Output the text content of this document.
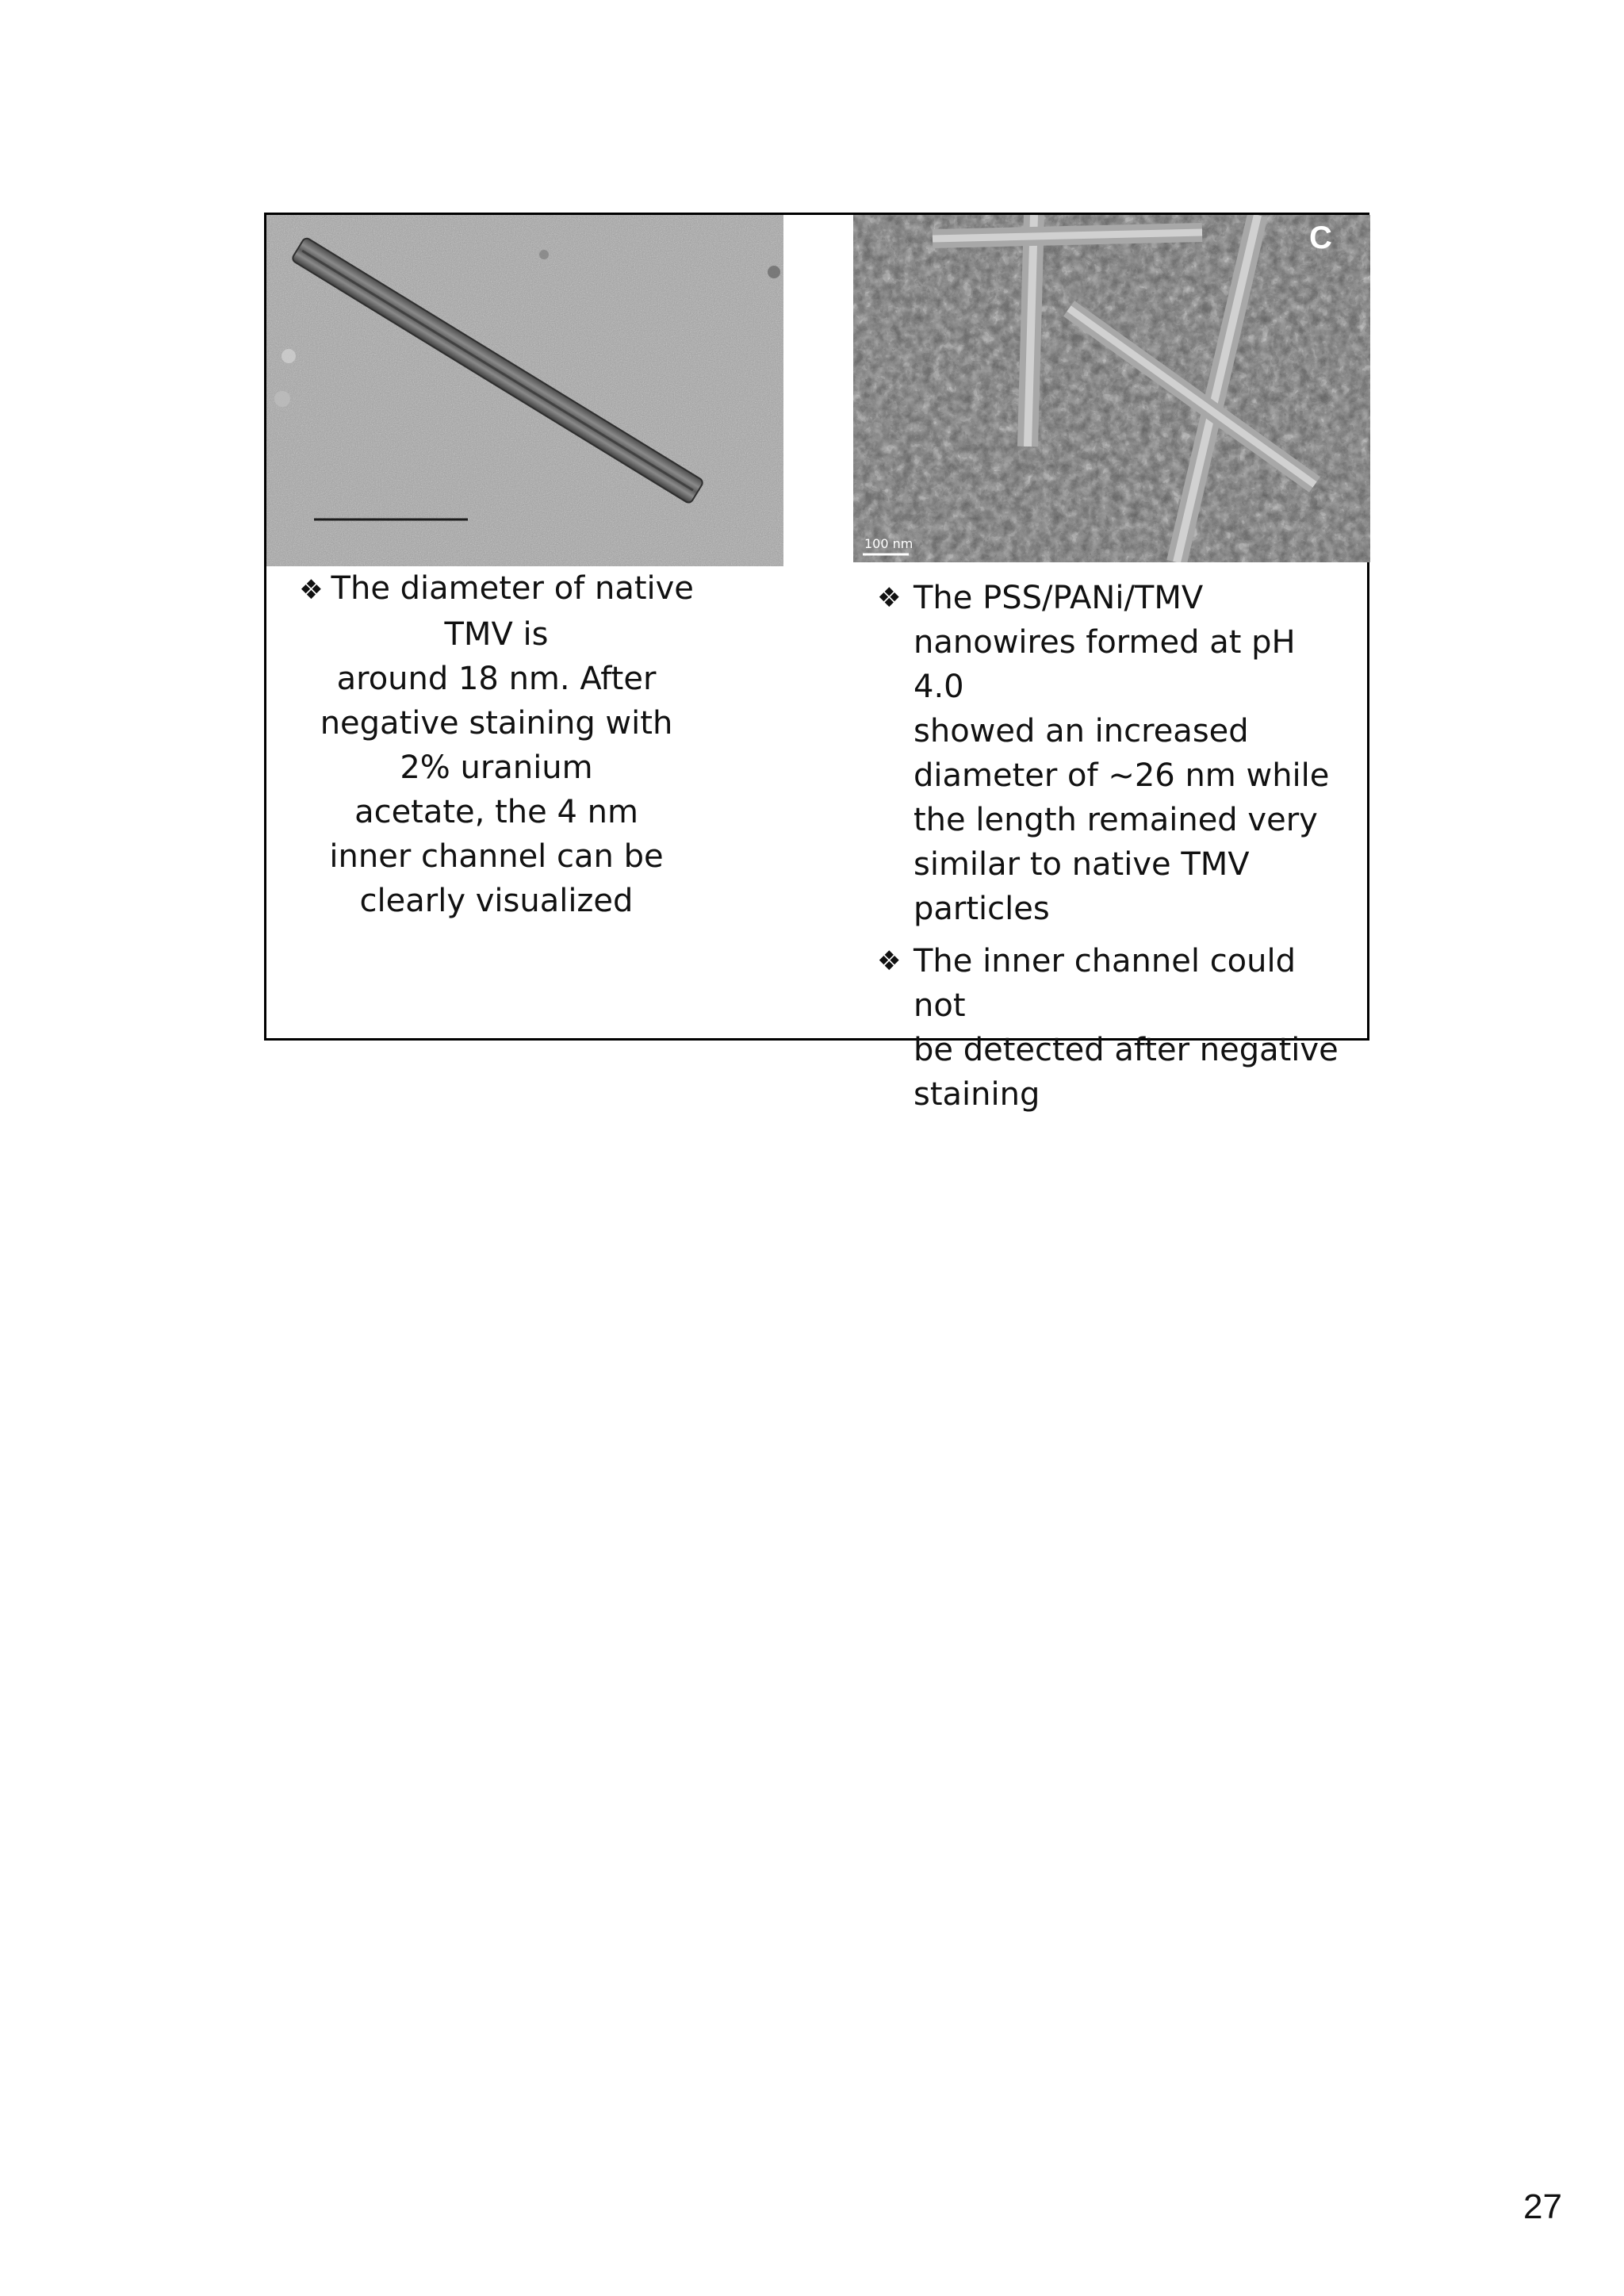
C
100 nm
❖ The diameter of native
TMV is
around 18 nm. After
negative staining with
2% uranium
acetate, the 4 nm
inner channel can be
clearly visualized
❖ The PSS/PANi/TMV
nanowires formed at pH 4.0
showed an increased
diameter of ~26 nm while
the length remained very
similar to native TMV
particles
❖ The inner channel could not
be detected after negative
staining
27
